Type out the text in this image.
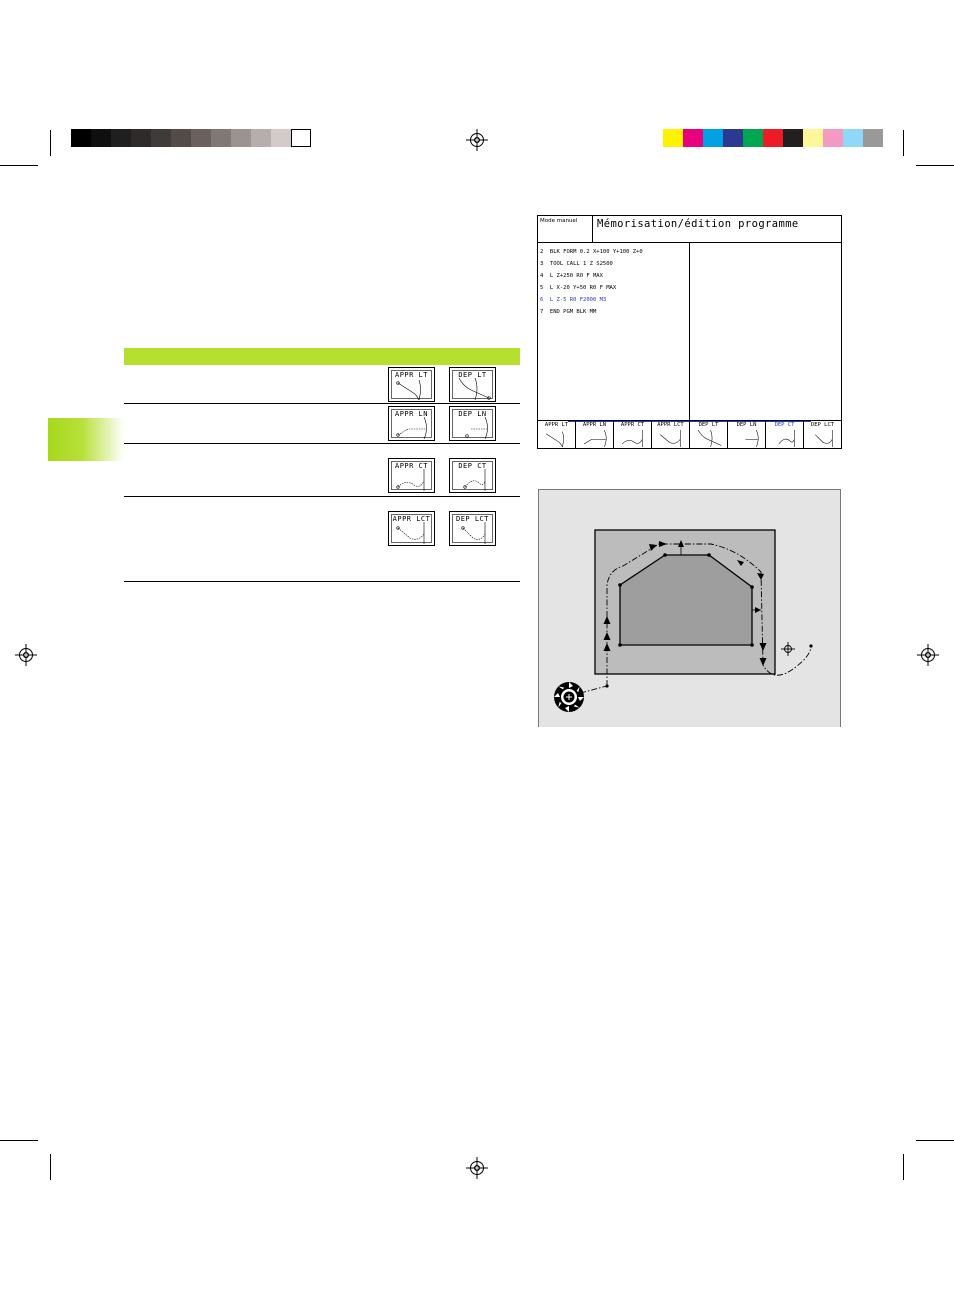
APPR LT	DEP LT
APPR LN	DEP LN
APPR CT	DEP CT
APPR LCT	DEP LCT
Mode manuel	Mémorisation/édition programme
2  BLK FORM 0.2 X+100 Y+100 Z+0
3  TOOL CALL 1 Z S2500
4  L Z+250 R0 F MAX
5  L X-20 Y+50 R0 F MAX
6  L Z-5 R0 F2000 M3
7  END PGM BLK MM
APPR LT	APPR LN	APPR CT	APPR LCT	DEP LT	DEP LN	DEP CT	DEP LCT
